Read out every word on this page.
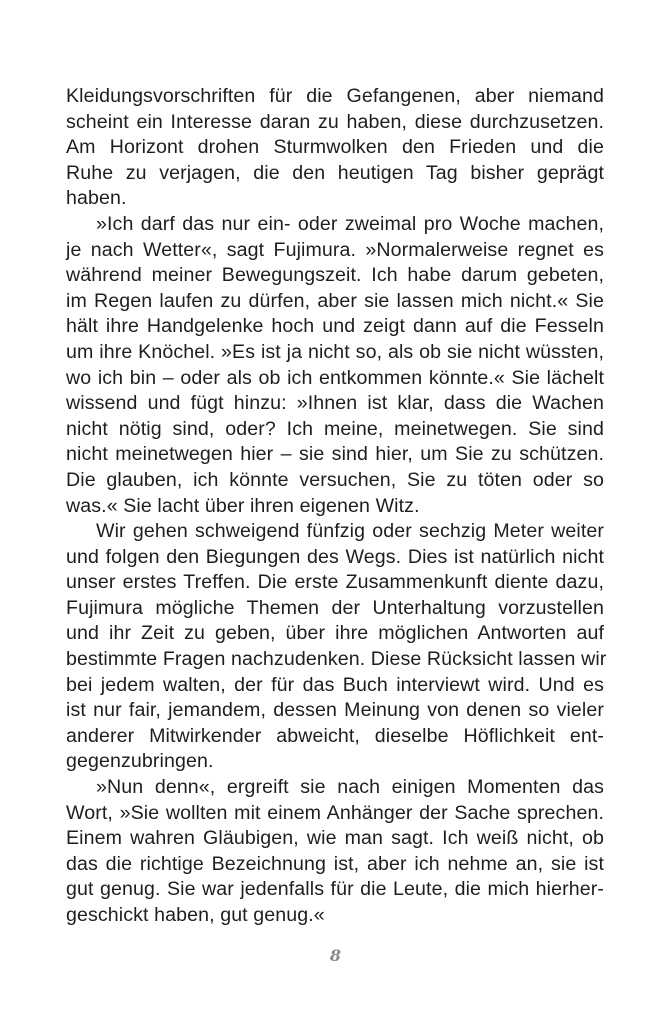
Kleidungsvorschriften für die Gefangenen, aber niemand
scheint ein Interesse daran zu haben, diese durchzusetzen.
Am Horizont drohen Sturmwolken den Frieden und die
Ruhe zu verjagen, die den heutigen Tag bisher geprägt
haben.
»Ich darf das nur ein- oder zweimal pro Woche machen,
je nach Wetter«, sagt Fujimura. »Normalerweise regnet es
während meiner Bewegungszeit. Ich habe darum gebeten,
im Regen laufen zu dürfen, aber sie lassen mich nicht.« Sie
hält ihre Handgelenke hoch und zeigt dann auf die Fesseln
um ihre Knöchel. »Es ist ja nicht so, als ob sie nicht wüssten,
wo ich bin – oder als ob ich entkommen könnte.« Sie lächelt
wissend und fügt hinzu: »Ihnen ist klar, dass die Wachen
nicht nötig sind, oder? Ich meine, meinetwegen. Sie sind
nicht meinetwegen hier – sie sind hier, um Sie zu schützen.
Die glauben, ich könnte versuchen, Sie zu töten oder so
was.« Sie lacht über ihren eigenen Witz.
Wir gehen schweigend fünfzig oder sechzig Meter weiter
und folgen den Biegungen des Wegs. Dies ist natürlich nicht
unser erstes Treffen. Die erste Zusammenkunft diente dazu,
Fujimura mögliche Themen der Unterhaltung vorzustellen
und ihr Zeit zu geben, über ihre möglichen Antworten auf
bestimmte Fragen nachzudenken. Diese Rücksicht lassen wir
bei jedem walten, der für das Buch interviewt wird. Und es
ist nur fair, jemandem, dessen Meinung von denen so vieler
anderer Mitwirkender abweicht, dieselbe Höflichkeit ent-
gegenzubringen.
»Nun denn«, ergreift sie nach einigen Momenten das
Wort, »Sie wollten mit einem Anhänger der Sache sprechen.
Einem wahren Gläubigen, wie man sagt. Ich weiß nicht, ob
das die richtige Bezeichnung ist, aber ich nehme an, sie ist
gut genug. Sie war jedenfalls für die Leute, die mich hierher-
geschickt haben, gut genug.«
8
